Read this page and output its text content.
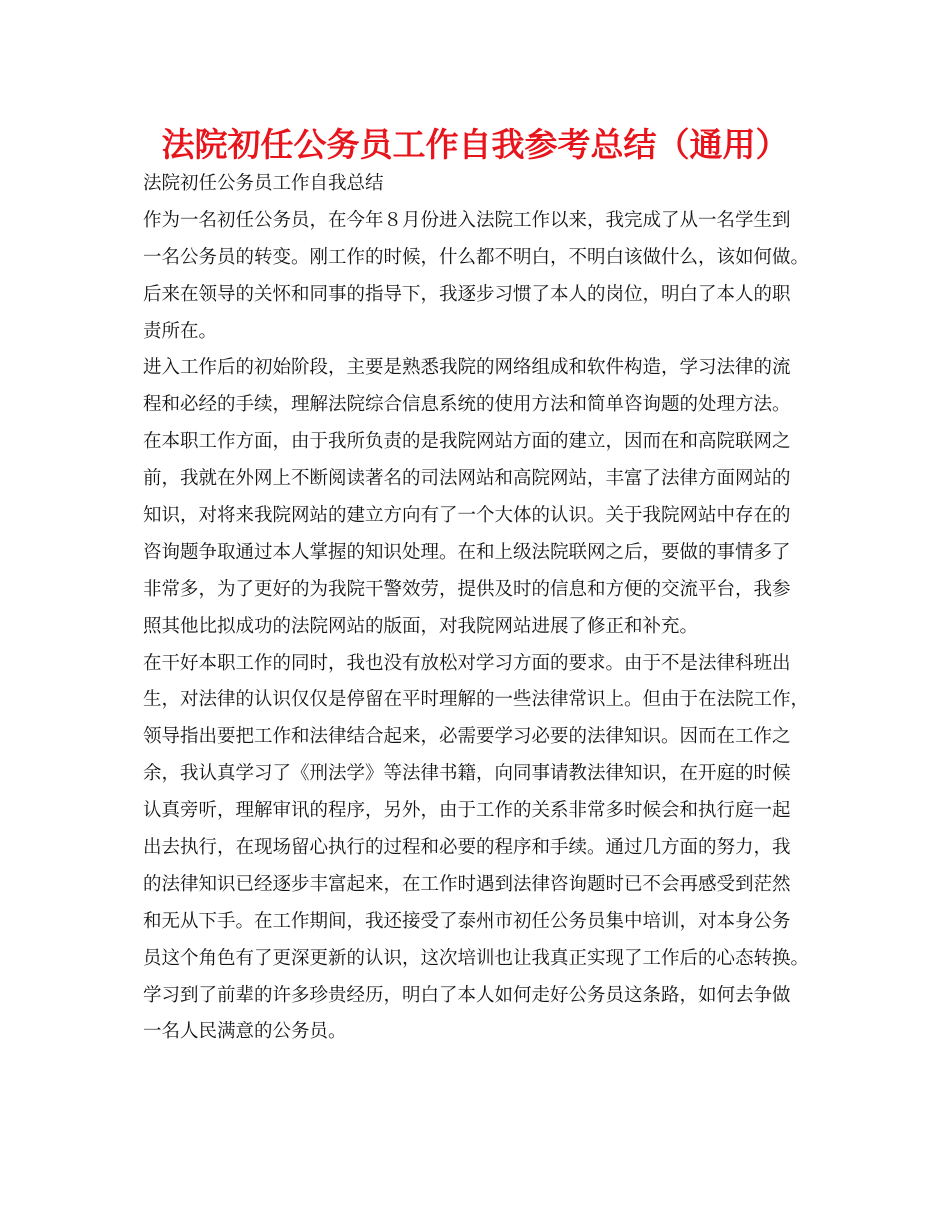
法院初任公务员工作自我参考总结（通用）
法院初任公务员工作自我总结
作为一名初任公务员，在今年８月份进入法院工作以来，我完成了从一名学生到
一名公务员的转变。刚工作的时候，什么都不明白，不明白该做什么，该如何做。
后来在领导的关怀和同事的指导下，我逐步习惯了本人的岗位，明白了本人的职
责所在。
进入工作后的初始阶段，主要是熟悉我院的网络组成和软件构造，学习法律的流
程和必经的手续，理解法院综合信息系统的使用方法和简单咨询题的处理方法。
在本职工作方面，由于我所负责的是我院网站方面的建立，因而在和高院联网之
前，我就在外网上不断阅读著名的司法网站和高院网站，丰富了法律方面网站的
知识，对将来我院网站的建立方向有了一个大体的认识。关于我院网站中存在的
咨询题争取通过本人掌握的知识处理。在和上级法院联网之后，要做的事情多了
非常多，为了更好的为我院干警效劳，提供及时的信息和方便的交流平台，我参
照其他比拟成功的法院网站的版面，对我院网站进展了修正和补充。
在干好本职工作的同时，我也没有放松对学习方面的要求。由于不是法律科班出
生，对法律的认识仅仅是停留在平时理解的一些法律常识上。但由于在法院工作，
领导指出要把工作和法律结合起来，必需要学习必要的法律知识。因而在工作之
余，我认真学习了《刑法学》等法律书籍，向同事请教法律知识，在开庭的时候
认真旁听，理解审讯的程序，另外，由于工作的关系非常多时候会和执行庭一起
出去执行，在现场留心执行的过程和必要的程序和手续。通过几方面的努力，我
的法律知识已经逐步丰富起来，在工作时遇到法律咨询题时已不会再感受到茫然
和无从下手。在工作期间，我还接受了泰州市初任公务员集中培训，对本身公务
员这个角色有了更深更新的认识，这次培训也让我真正实现了工作后的心态转换。
学习到了前辈的许多珍贵经历，明白了本人如何走好公务员这条路，如何去争做
一名人民满意的公务员。
